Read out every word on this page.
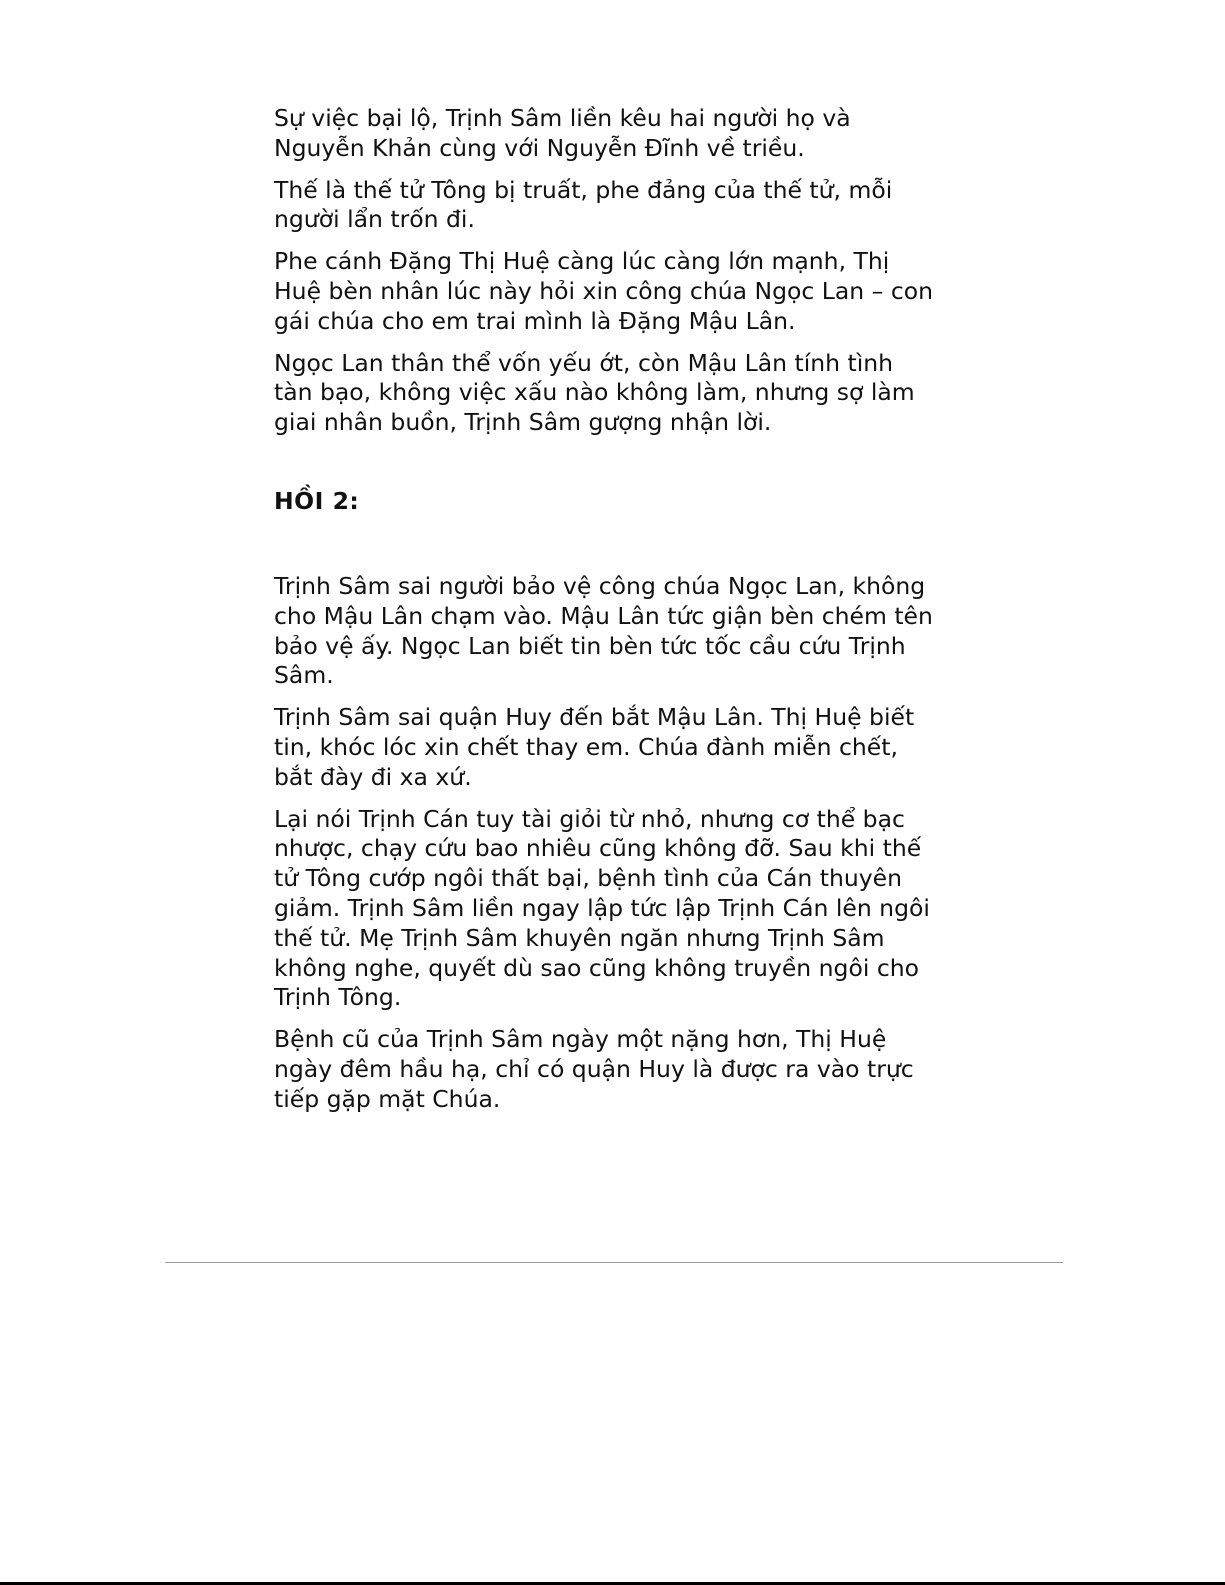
Sự việc bại lộ, Trịnh Sâm liền kêu hai người họ và
Nguyễn Khản cùng với Nguyễn Đĩnh về triều.

Thế là thế tử Tông bị truất, phe đảng của thế tử, mỗi
người lẩn trốn đi.

Phe cánh Đặng Thị Huệ càng lúc càng lớn mạnh, Thị
Huệ bèn nhân lúc này hỏi xin công chúa Ngọc Lan – con
gái chúa cho em trai mình là Đặng Mậu Lân.

Ngọc Lan thân thể vốn yếu ớt, còn Mậu Lân tính tình
tàn bạo, không việc xấu nào không làm, nhưng sợ làm
giai nhân buồn, Trịnh Sâm gượng nhận lời.

HỒI 2:

Trịnh Sâm sai người bảo vệ công chúa Ngọc Lan, không
cho Mậu Lân chạm vào. Mậu Lân tức giận bèn chém tên
bảo vệ ấy. Ngọc Lan biết tin bèn tức tốc cầu cứu Trịnh
Sâm.

Trịnh Sâm sai quận Huy đến bắt Mậu Lân. Thị Huệ biết
tin, khóc lóc xin chết thay em. Chúa đành miễn chết,
bắt đày đi xa xứ.

Lại nói Trịnh Cán tuy tài giỏi từ nhỏ, nhưng cơ thể bạc
nhược, chạy cứu bao nhiêu cũng không đỡ. Sau khi thế
tử Tông cướp ngôi thất bại, bệnh tình của Cán thuyên
giảm. Trịnh Sâm liền ngay lập tức lập Trịnh Cán lên ngôi
thế tử. Mẹ Trịnh Sâm khuyên ngăn nhưng Trịnh Sâm
không nghe, quyết dù sao cũng không truyền ngôi cho
Trịnh Tông.

Bệnh cũ của Trịnh Sâm ngày một nặng hơn, Thị Huệ
ngày đêm hầu hạ, chỉ có quận Huy là được ra vào trực
tiếp gặp mặt Chúa.
